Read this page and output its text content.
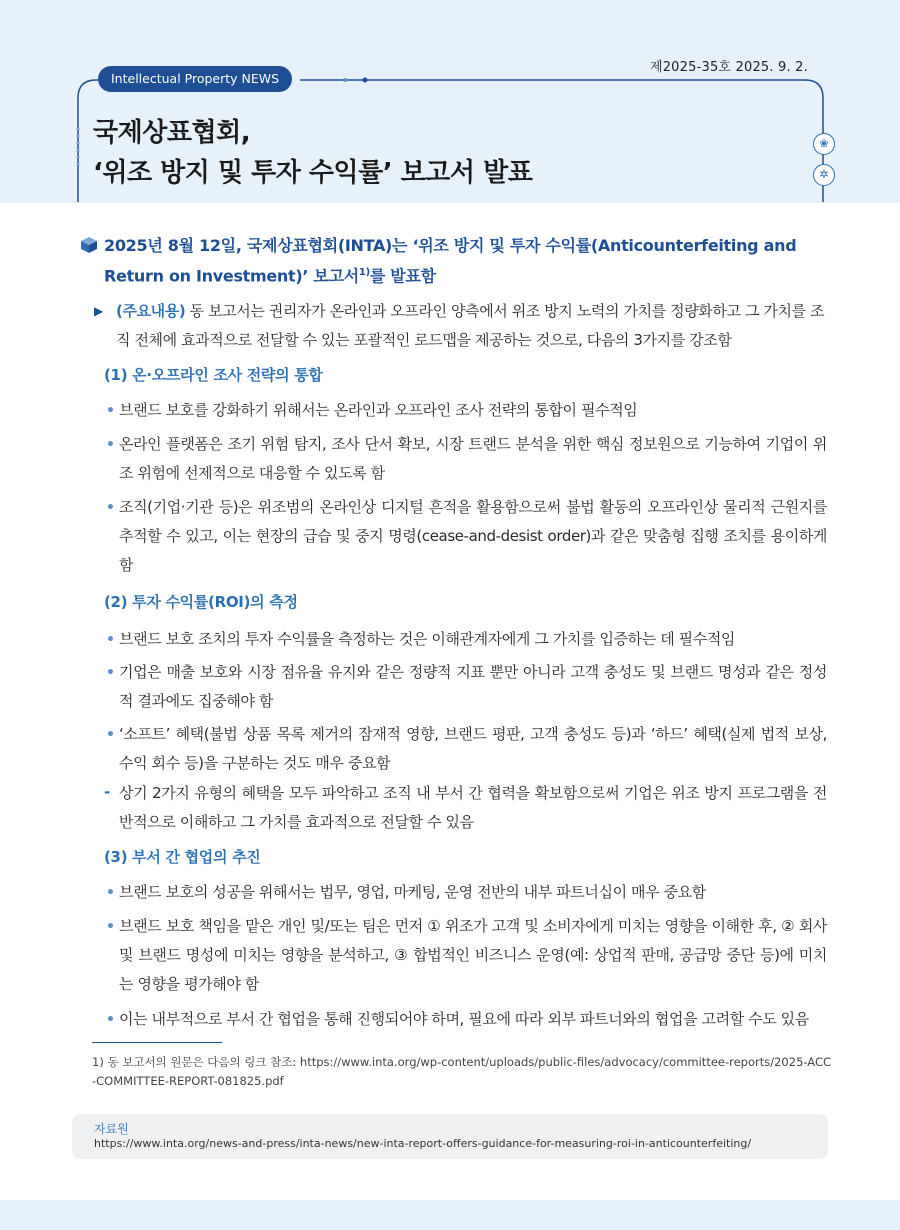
제2025-35호 2025. 9. 2.
Intellectual Property NEWS
국제상표협회,
‘위조 방지 및 투자 수익률’ 보고서 발표
❀
✲
2025년 8월 12일, 국제상표협회(INTA)는 ‘위조 방지 및 투자 수익률(Anticounterfeiting and Return on Investment)’ 보고서$^{1)}$를 발표함
▶ (주요내용) 동 보고서는 권리자가 온라인과 오프라인 양측에서 위조 방지 노력의 가치를 정량화하고 그 가치를 조직 전체에 효과적으로 전달할 수 있는 포괄적인 로드맵을 제공하는 것으로, 다음의 3가지를 강조함
(1) 온·오프라인 조사 전략의 통합
• 브랜드 보호를 강화하기 위해서는 온라인과 오프라인 조사 전략의 통합이 필수적임
• 온라인 플랫폼은 조기 위험 탐지, 조사 단서 확보, 시장 트랜드 분석을 위한 핵심 정보원으로 기능하여 기업이 위조 위험에 선제적으로 대응할 수 있도록 함
• 조직(기업·기관 등)은 위조범의 온라인상 디지털 흔적을 활용함으로써 불법 활동의 오프라인상 물리적 근원지를 추적할 수 있고, 이는 현장의 급습 및 중지 명령(cease-and-desist order)과 같은 맞춤형 집행 조치를 용이하게 함
(2) 투자 수익률(ROI)의 측정
• 브랜드 보호 조치의 투자 수익률을 측정하는 것은 이해관계자에게 그 가치를 입증하는 데 필수적임
• 기업은 매출 보호와 시장 점유율 유지와 같은 정량적 지표 뿐만 아니라 고객 충성도 및 브랜드 명성과 같은 정성적 결과에도 집중해야 함
• ‘소프트’ 혜택(불법 상품 목록 제거의 잠재적 영향, 브랜드 평판, 고객 충성도 등)과 ‘하드’ 혜택(실제 법적 보상, 수익 회수 등)을 구분하는 것도 매우 중요함
- 상기 2가지 유형의 혜택을 모두 파악하고 조직 내 부서 간 협력을 확보함으로써 기업은 위조 방지 프로그램을 전반적으로 이해하고 그 가치를 효과적으로 전달할 수 있음
(3) 부서 간 협업의 추진
• 브랜드 보호의 성공을 위해서는 법무, 영업, 마케팅, 운영 전반의 내부 파트너십이 매우 중요함
• 브랜드 보호 책임을 맡은 개인 및/또는 팀은 먼저 ① 위조가 고객 및 소비자에게 미치는 영향을 이해한 후, ② 회사 및 브랜드 명성에 미치는 영향을 분석하고, ③ 합법적인 비즈니스 운영(예: 상업적 판매, 공급망 중단 등)에 미치는 영향을 평가해야 함
• 이는 내부적으로 부서 간 협업을 통해 진행되어야 하며, 필요에 따라 외부 파트너와의 협업을 고려할 수도 있음
1) 동 보고서의 원문은 다음의 링크 참조: https://www.inta.org/wp-content/uploads/public-files/advocacy/committee-reports/2025-ACC-COMMITTEE-REPORT-081825.pdf
자료원
https://www.inta.org/news-and-press/inta-news/new-inta-report-offers-guidance-for-measuring-roi-in-anticounterfeiting/
